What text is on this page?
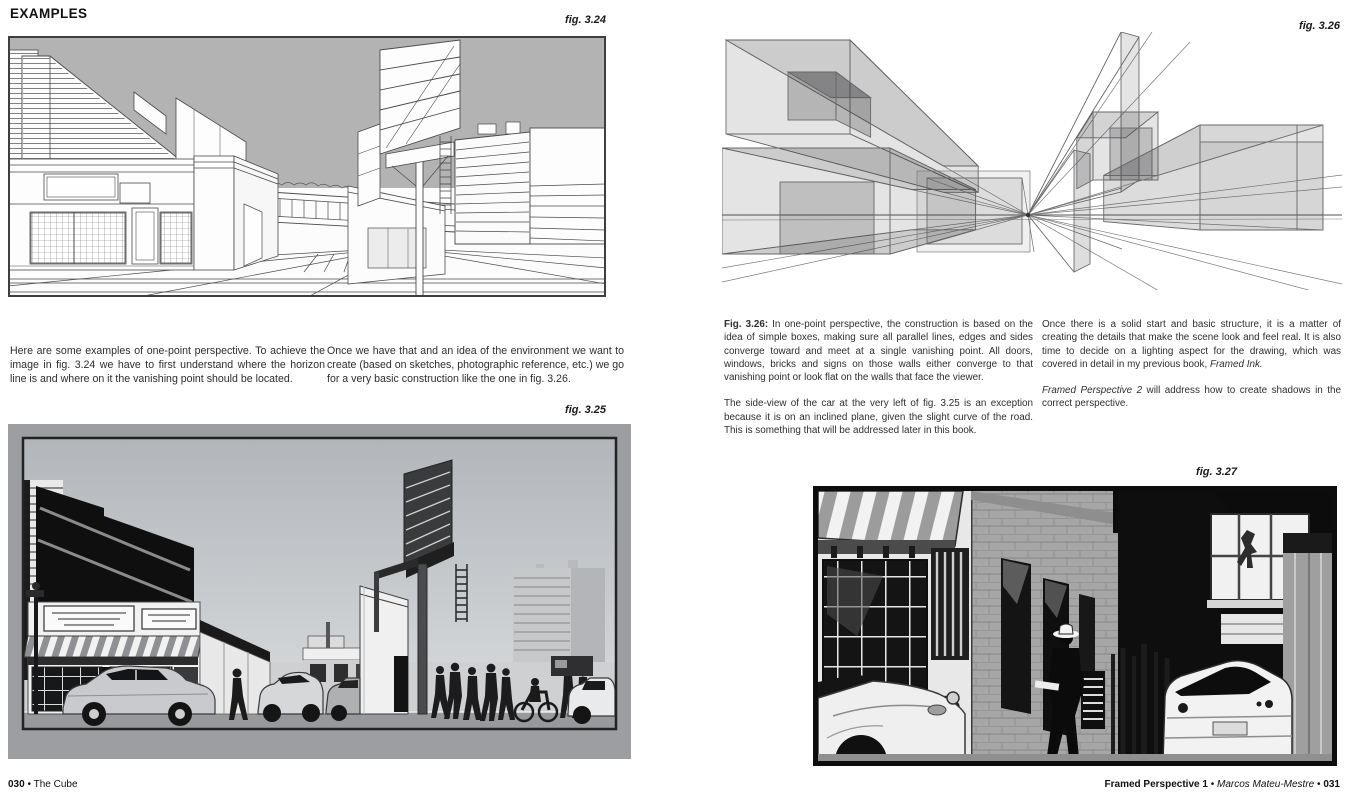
EXAMPLES	fig. 3.24
Here are some examples of one-point perspective. To achieve the image in fig. 3.24 we have to first understand where the horizon line is and where on it the vanishing point should be located.
Once we have that and an idea of the environment we want to create (based on sketches, photographic reference, etc.) we go for a very basic construction like the one in fig. 3.26.
fig. 3.25
030 • The Cube
fig. 3.26

Fig. 3.26: In one-point perspective, the construction is based on the idea of simple boxes, making sure all parallel lines, edges and sides converge toward and meet at a single vanishing point. All doors, windows, bricks and signs on those walls either converge to that vanishing point or look flat on the walls that face the viewer.

The side-view of the car at the very left of fig. 3.25 is an exception because it is on an inclined plane, given the slight curve of the road. This is something that will be addressed later in this book.

Once there is a solid start and basic structure, it is a matter of creating the details that make the scene look and feel real. It is also time to decide on a lighting aspect for the drawing, which was covered in detail in my previous book, Framed Ink.

Framed Perspective 2 will address how to create shadows in the correct perspective.

fig. 3.27
Framed Perspective 1 • Marcos Mateu-Mestre • 031
